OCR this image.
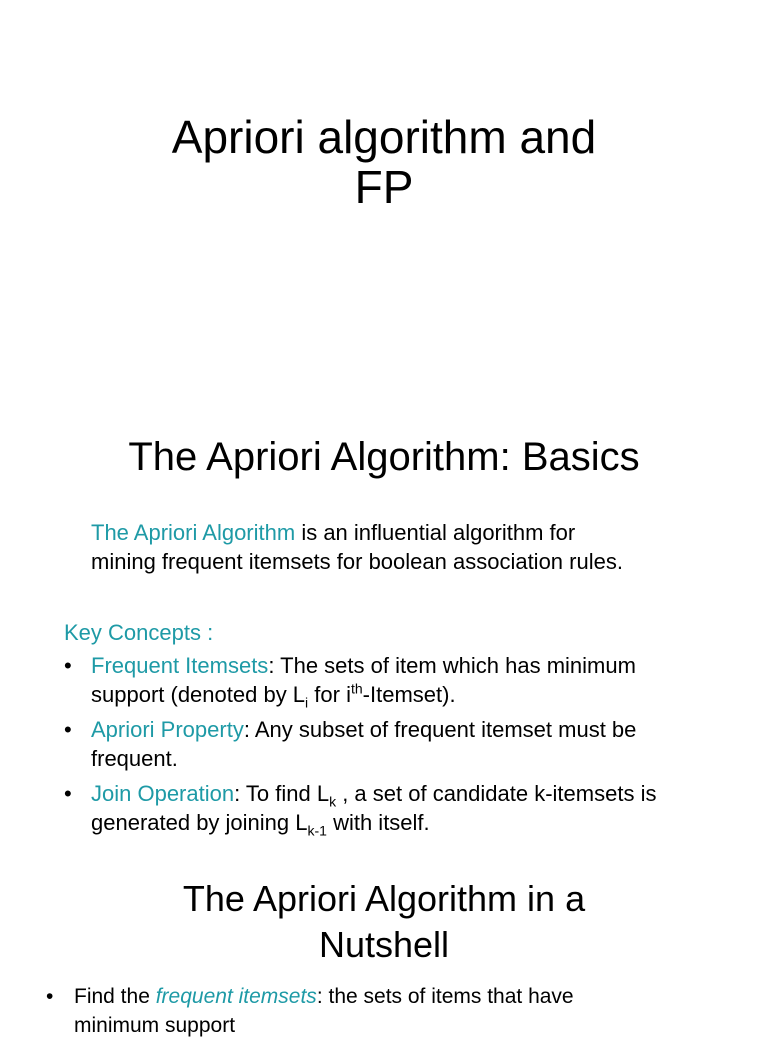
Apriori algorithm and
FP
The Apriori Algorithm: Basics

The Apriori Algorithm is an influential algorithm for
mining frequent itemsets for boolean association rules.

Key Concepts :

• Frequent Itemsets: The sets of item which has minimum support (denoted by $L_i$ for $i^{th}-Itemset$).
• Apriori Property: Any subset of frequent itemset must be frequent.
• Join Operation: To find $L_k$ , a set of candidate k-itemsets is generated by joining $L_{k-1}$ with itself.
The Apriori Algorithm in a
Nutshell
• Find the frequent itemsets: the sets of items that have
minimum support
